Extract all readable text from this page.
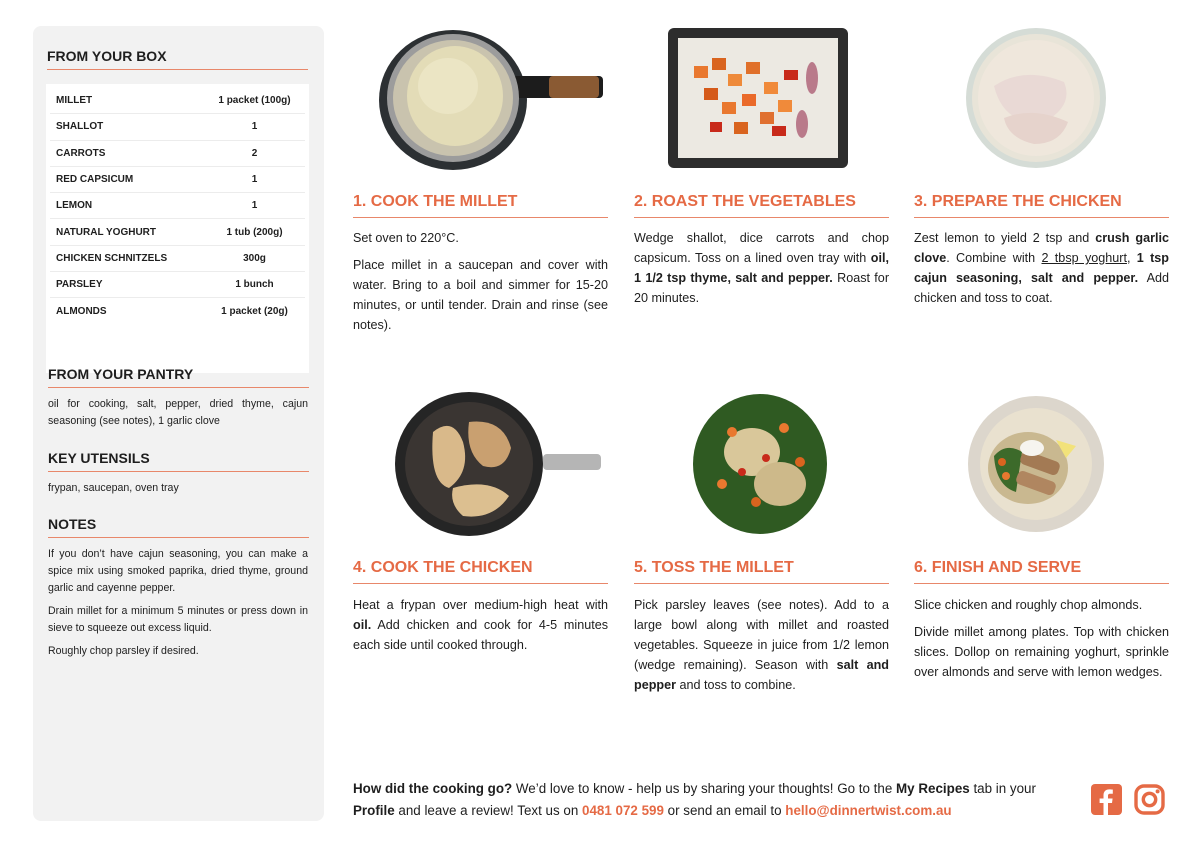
FROM YOUR BOX
MILLET	1 packet (100g)
SHALLOT	1
CARROTS	2
RED CAPSICUM	1
LEMON	1
NATURAL YOGHURT	1 tub (200g)
CHICKEN SCHNITZELS	300g
PARSLEY	1 bunch
ALMONDS	1 packet (20g)
FROM YOUR PANTRY
oil for cooking, salt, pepper, dried thyme, cajun seasoning (see notes), 1 garlic clove
KEY UTENSILS
frypan, saucepan, oven tray
NOTES

If you don’t have cajun seasoning, you can make a spice mix using smoked paprika, dried thyme, ground garlic and cayenne pepper.

Drain millet for a minimum 5 minutes or press down in sieve to squeeze out excess liquid.

Roughly chop parsley if desired.

1. COOK THE MILLET

Set oven to 220°C.

Place millet in a saucepan and cover with water. Bring to a boil and simmer for 15-20 minutes, or until tender. Drain and rinse (see notes).

2. ROAST THE VEGETABLES

Wedge shallot, dice carrots and chop capsicum. Toss on a lined oven tray with oil, 1 1/2 tsp thyme, salt and pepper. Roast for 20 minutes.

3. PREPARE THE CHICKEN

Zest lemon to yield 2 tsp and crush garlic clove. Combine with 2 tbsp yoghurt, 1 tsp cajun seasoning, salt and pepper. Add chicken and toss to coat.

4. COOK THE CHICKEN

Heat a frypan over medium-high heat with oil. Add chicken and cook for 4-5 minutes each side until cooked through.

5. TOSS THE MILLET

Pick parsley leaves (see notes). Add to a large bowl along with millet and roasted vegetables. Squeeze in juice from 1/2 lemon (wedge remaining). Season with salt and pepper and toss to combine.

6. FINISH AND SERVE

Slice chicken and roughly chop almonds.

Divide millet among plates. Top with chicken slices. Dollop on remaining yoghurt, sprinkle over almonds and serve with lemon wedges.

How did the cooking go? We’d love to know - help us by sharing your thoughts! Go to the My Recipes tab in your Profile and leave a review! Text us on 0481 072 599 or send an email to hello@dinnertwist.com.au
